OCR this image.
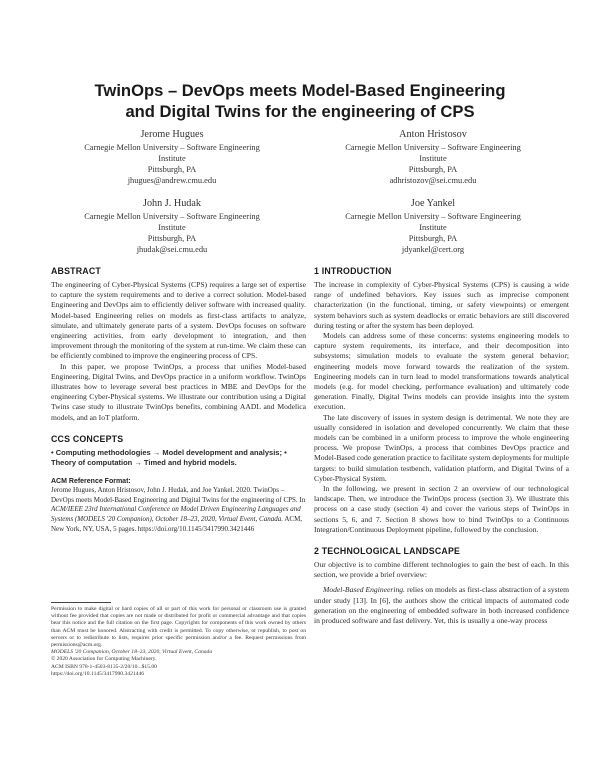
TwinOps – DevOps meets Model-Based Engineering
and Digital Twins for the engineering of CPS
Jerome Hugues
Carnegie Mellon University – Software Engineering
Institute
Pittsburgh, PA
jhugues@andrew.cmu.edu
Anton Hristosov
Carnegie Mellon University – Software Engineering
Institute
Pittsburgh, PA
adhristozov@sei.cmu.edu
John J. Hudak
Carnegie Mellon University – Software Engineering
Institute
Pittsburgh, PA
jhudak@sei.cmu.edu
Joe Yankel
Carnegie Mellon University – Software Engineering
Institute
Pittsburgh, PA
jdyankel@cert.org
ABSTRACT

The engineering of Cyber-Physical Systems (CPS) requires a large set of expertise to capture the system requirements and to derive a correct solution. Model-based Engineering and DevOps aim to efficiently deliver software with increased quality. Model-based Engineering relies on models as first-class artifacts to analyze, simulate, and ultimately generate parts of a system. DevOps focuses on software engineering activities, from early development to integration, and then improvement through the monitoring of the system at run-time. We claim these can be efficiently combined to improve the engineering process of CPS.

In this paper, we propose TwinOps, a process that unifies Model-based Engineering, Digital Twins, and DevOps practice in a uniform workflow. TwinOps illustrates how to leverage several best practices in MBE and DevOps for the engineering Cyber-Physical systems. We illustrate our contribution using a Digital Twins case study to illustrate TwinOps benefits, combining AADL and Modelica models, and an IoT platform.

CCS CONCEPTS
• Computing methodologies → Model development and analysis; • Theory of computation → Timed and hybrid models.
ACM Reference Format:
Jerome Hugues, Anton Hristosov, John J. Hudak, and Joe Yankel. 2020. TwinOps – DevOps meets Model-Based Engineering and Digital Twins for the engineering of CPS. In ACM/IEEE 23rd International Conference on Model Driven Engineering Languages and Systems (MODELS '20 Companion), October 18–23, 2020, Virtual Event, Canada. ACM, New York, NY, USA, 5 pages. https://doi.org/10.1145/3417990.3421446
Permission to make digital or hard copies of all or part of this work for personal or classroom use is granted without fee provided that copies are not made or distributed for profit or commercial advantage and that copies bear this notice and the full citation on the first page. Copyrights for components of this work owned by others than ACM must be honored. Abstracting with credit is permitted. To copy otherwise, or republish, to post on servers or to redistribute to lists, requires prior specific permission and/or a fee. Request permissions from permissions@acm.org.
MODELS '20 Companion, October 18–23, 2020, Virtual Event, Canada
© 2020 Association for Computing Machinery.
ACM ISBN 978-1-4503-8135-2/20/10...$15.00
https://doi.org/10.1145/3417990.3421446
1 INTRODUCTION

The increase in complexity of Cyber-Physical Systems (CPS) is causing a wide range of undefined behaviors. Key issues such as imprecise component characterization (in the functional, timing, or safety viewpoints) or emergent system behaviors such as system deadlocks or erratic behaviors are still discovered during testing or after the system has been deployed.

Models can address some of these concerns: systems engineering models to capture system requirements, its interface, and their decomposition into subsystems; simulation models to evaluate the system general behavior; engineering models move forward towards the realization of the system. Engineering models can in turn lead to model transformations towards analytical models (e.g. for model checking, performance evaluation) and ultimately code generation. Finally, Digital Twins models can provide insights into the system execution.

The late discovery of issues in system design is detrimental. We note they are usually considered in isolation and developed concurrently. We claim that these models can be combined in a uniform process to improve the whole engineering process. We propose TwinOps, a process that combines DevOps practice and Model-Based code generation practice to facilitate system deployments for multiple targets: to build simulation testbench, validation platform, and Digital Twins of a Cyber-Physical System.

In the following, we present in section 2 an overview of our technological landscape. Then, we introduce the TwinOps process (section 3). We illustrate this process on a case study (section 4) and cover the various steps of TwinOps in sections 5, 6, and 7. Section 8 shows how to bind TwinOps to a Continuous Integration/Continuous Deployment pipeline, followed by the conclusion.

2 TECHNOLOGICAL LANDSCAPE

Our objective is to combine different technologies to gain the best of each. In this section, we provide a brief overview:

Model-Based Engineering. relies on models as first-class abstraction of a system under study [13]. In [6], the authors show the critical impacts of automated code generation on the engineering of embedded software in both increased confidence in produced software and fast delivery. Yet, this is usually a one-way process
